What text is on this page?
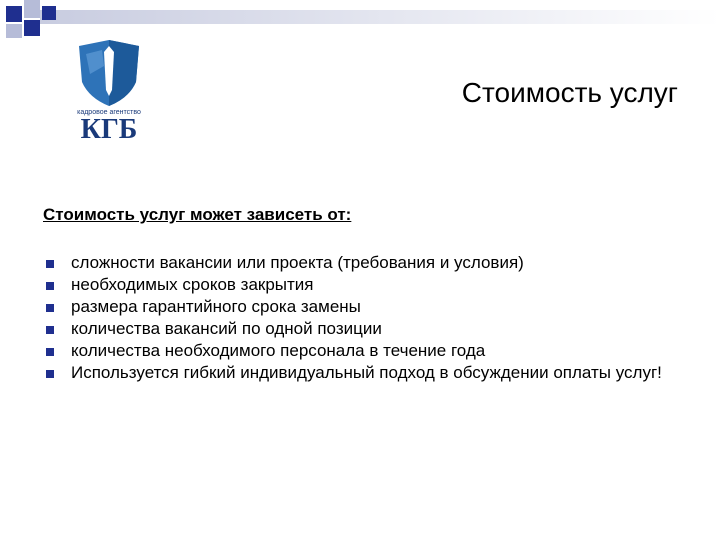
кадровое агентство
КГБ
Стоимость услуг
Стоимость услуг может зависеть от:
сложности вакансии или проекта (требования и условия)
необходимых сроков закрытия
размера гарантийного срока замены
количества вакансий по одной позиции
количества необходимого персонала в течение года
Используется гибкий индивидуальный подход в обсуждении оплаты услуг!
